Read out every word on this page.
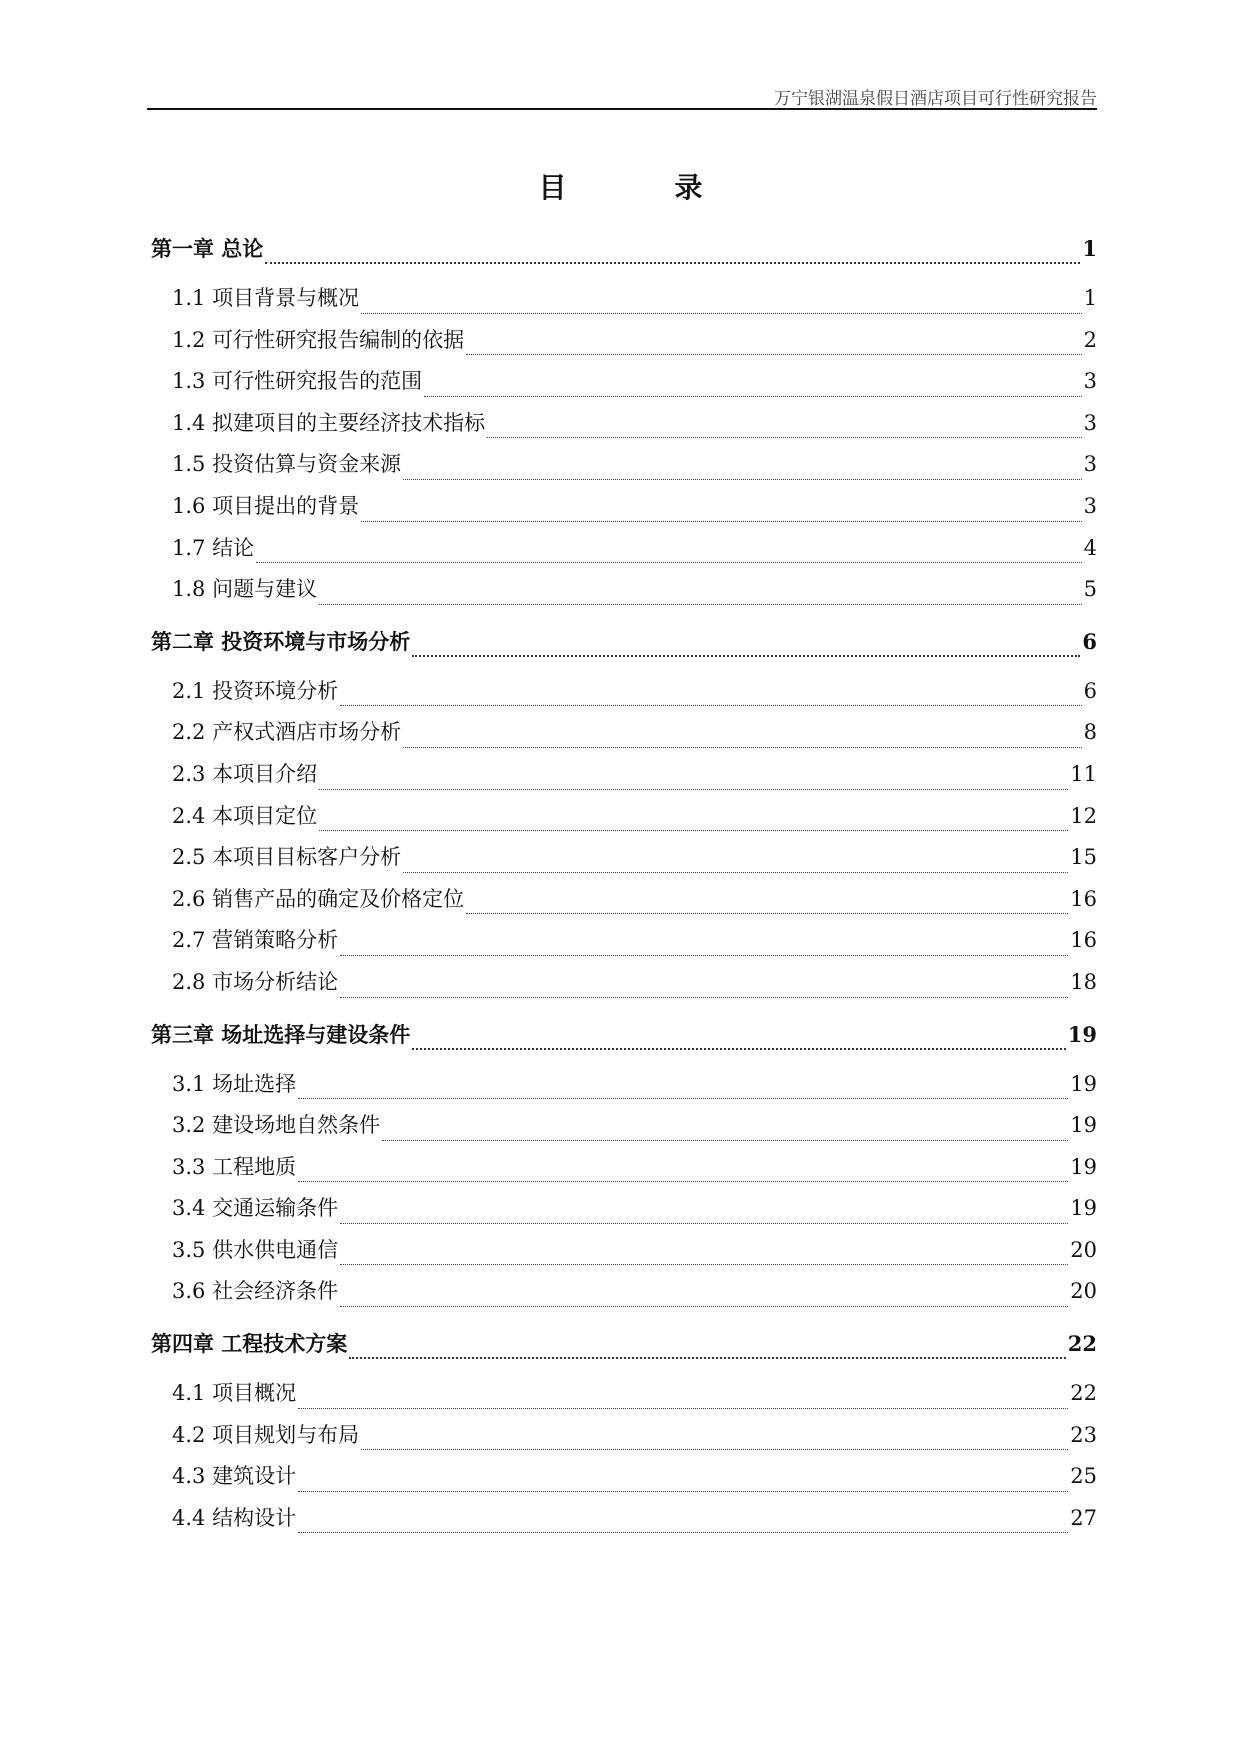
万宁银湖温泉假日酒店项目可行性研究报告
目　录
第一章 总论	1
1.1 项目背景与概况	1
1.2 可行性研究报告编制的依据	2
1.3 可行性研究报告的范围	3
1.4 拟建项目的主要经济技术指标	3
1.5 投资估算与资金来源	3
1.6 项目提出的背景	3
1.7 结论	4
1.8 问题与建议	5
第二章 投资环境与市场分析	6
2.1 投资环境分析	6
2.2 产权式酒店市场分析	8
2.3 本项目介绍	11
2.4 本项目定位	12
2.5 本项目目标客户分析	15
2.6 销售产品的确定及价格定位	16
2.7 营销策略分析	16
2.8 市场分析结论	18
第三章 场址选择与建设条件	19
3.1 场址选择	19
3.2 建设场地自然条件	19
3.3 工程地质	19
3.4 交通运输条件	19
3.5 供水供电通信	20
3.6 社会经济条件	20
第四章 工程技术方案	22
4.1 项目概况	22
4.2 项目规划与布局	23
4.3 建筑设计	25
4.4 结构设计	27
